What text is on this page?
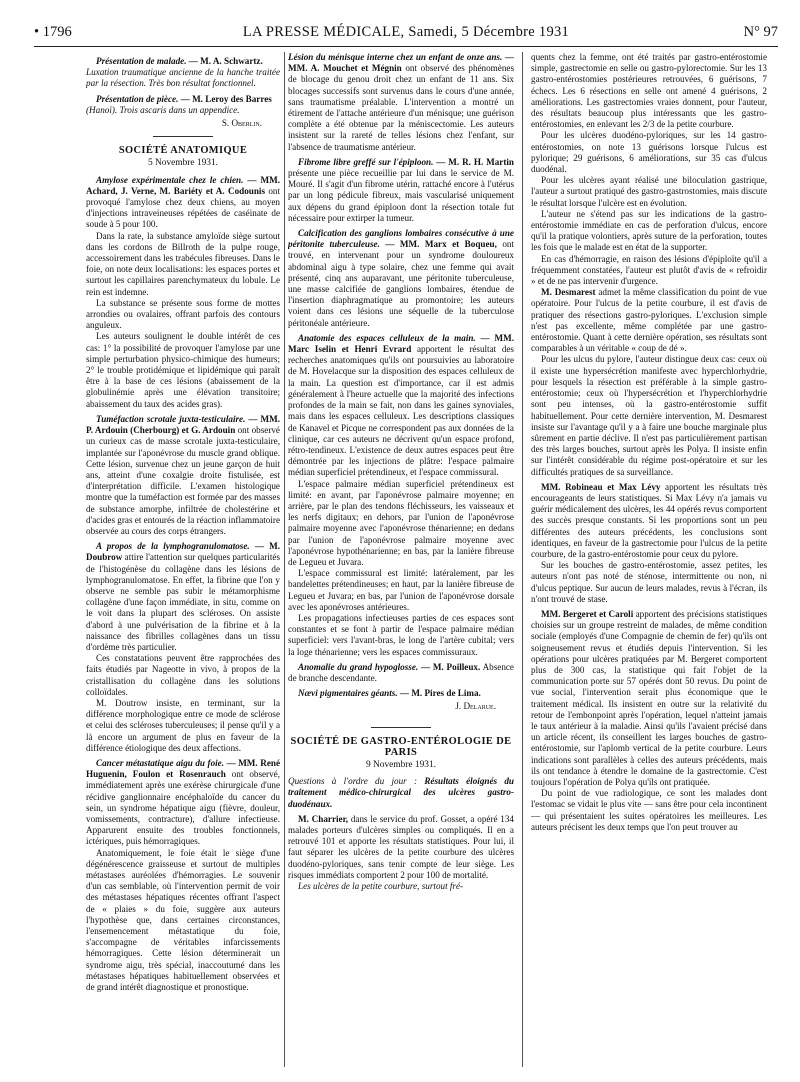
• 1796	LA PRESSE MÉDICALE, Samedi, 5 Décembre 1931	N° 97

Présentation de malade. — M. A. Schwartz.

Luxation traumatique ancienne de la hanche traitée par la résection. Très bon résultat fonctionnel.

Présentation de pièce. — M. Leroy des Barres

(Hanoï). Trois ascaris dans un appendice.

S. Oberlin.

SOCIÉTÉ ANATOMIQUE

5 Novembre 1931.

Amylose expérimentale chez le chien. — MM. Achard, J. Verne, M. Bariéty et A. Codounis ont provoqué l'amylose chez deux chiens, au moyen d'injections intraveineuses répétées de caséinate de soude à 5 pour 100.

Dans la rate, la substance amyloïde siège surtout dans les cordons de Billroth de la pulpe rouge, accessoirement dans les trabécules fibreuses. Dans le foie, on note deux localisations: les espaces portes et surtout les capillaires parenchymateux du lobule. Le rein est indemne.

La substance se présente sous forme de mottes arrondies ou ovalaires, offrant parfois des contours anguleux.

Les auteurs soulignent le double intérêt de ces cas: 1° la possibilité de provoquer l'amylose par une simple perturbation physico-chimique des humeurs; 2° le trouble protidémique et lipidémique qui paraît être à la base de ces lésions (abaissement de la globulinémie après une élévation transitoire; abaissement du taux des acides gras).

Tuméfaction scrotale juxta-testiculaire. — MM. P. Ardouin (Cherbourg) et G. Ardouin ont observé un curieux cas de masse scrotale juxta-testiculaire, implantée sur l'aponévrose du muscle grand oblique. Cette lésion, survenue chez un jeune garçon de huit ans, atteint d'une coxalgie droite fistulisée, est d'interprétation difficile. L'examen histologique montre que la tuméfaction est formée par des masses de substance amorphe, infiltrée de cholestérine et d'acides gras et entourés de la réaction inflammatoire observée au cours des corps étrangers.

A propos de la lymphogranulomatose. — M. Doubrow attire l'attention sur quelques particularités de l'histogénèse du collagène dans les lésions de lymphogranulomatose. En effet, la fibrine que l'on y observe ne semble pas subir le métamorphisme collagène d'une façon immédiate, in situ, comme on le voit dans la plupart des scléroses. On assiste d'abord à une pulvérisation de la fibrine et à la naissance des fibrilles collagènes dans un tissu d'ordème très particulier.

Ces constatations peuvent être rapprochées des faits étudiés par Nageotte in vivo, à propos de la cristallisation du collagène dans les solutions colloïdales.

M. Doutrow insiste, en terminant, sur la différence morphologique entre ce mode de sclérose et celui des scléroses tuberculeuses; il pense qu'il y a là encore un argument de plus en faveur de la différence étiologique des deux affections.

Cancer métastatique aigu du foie. — MM. René Huguenin, Foulon et Rosenrauch ont observé, immédiatement après une exérèse chirurgicale d'une récidive ganglionnaire encéphaloïde du cancer du sein, un syndrome hépatique aigu (fièvre, douleur, vomissements, contracture), d'allure infectieuse. Apparurent ensuite des troubles fonctionnels, ictériques, puis hémorragiques.

Anatomiquement, le foie était le siège d'une dégénérescence graisseuse et surtout de multiples métastases auréolées d'hémorragies. Le souvenir d'un cas semblable, où l'intervention permit de voir des métastases hépatiques récentes offrant l'aspect de « plaies » du foie, suggère aux auteurs l'hypothèse que, dans certaines circonstances, l'ensemencement métastatique du foie, s'accompagne de véritables infarcissements hémorragiques. Cette lésion déterminerait un syndrome aigu, très spécial, inaccoutumé dans les métastases hépatiques habituellement observées et de grand intérêt diagnostique et pronostique.

Lésion du ménisque interne chez un enfant de onze ans. — MM. A. Mouchet et Mégnin ont observé des phénomènes de blocage du genou droit chez un enfant de 11 ans. Six blocages successifs sont survenus dans le cours d'une année, sans traumatisme préalable. L'intervention a montré un étirement de l'attache antérieure d'un ménisque; une guérison complète a été obtenue par la méniscectomie. Les auteurs insistent sur la rareté de telles lésions chez l'enfant, sur l'absence de traumatisme antérieur.

Fibrome libre greffé sur l'épiploon. — M. R. H. Martin présente une pièce recueillie par lui dans le service de M. Mouré. Il s'agit d'un fibrome utérin, rattaché encore à l'utérus par un long pédicule fibreux, mais vascularisé uniquement aux dépens du grand épiploon dont la résection totale fut nécessaire pour extirper la tumeur.

Calcification des ganglions lombaires consécutive à une péritonite tuberculeuse. — MM. Marx et Boqueu, ont trouvé, en intervenant pour un syndrome douloureux abdominal aigu à type solaire, chez une femme qui avait présenté, cinq ans auparavant, une péritonite tuberculeuse, une masse calcifiée de ganglions lombaires, étendue de l'insertion diaphragmatique au promontoire; les auteurs voient dans ces lésions une séquelle de la tuberculose péritonéale antérieure.

Anatomie des espaces celluleux de la main. — MM. Marc Iselin et Henri Evrard apportent le résultat des recherches anatomiques qu'ils ont poursuivies au laboratoire de M. Hovelacque sur la disposition des espaces celluleux de la main. La question est d'importance, car il est admis généralement à l'heure actuelle que la majorité des infections profondes de la main se fait, non dans les gaines synoviales, mais dans les espaces celluleux. Les descriptions classiques de Kanavel et Picque ne correspondent pas aux données de la clinique, car ces auteurs ne décrivent qu'un espace profond, rétro-tendineux. L'existence de deux autres espaces peut être démontrée par les injections de plâtre: l'espace palmaire médian superficiel prétendineux, et l'espace commissural.

L'espace palmaire médian superficiel prétendineux est limité: en avant, par l'aponévrose palmaire moyenne; en arrière, par le plan des tendons fléchisseurs, les vaisseaux et les nerfs digitaux; en dehors, par l'union de l'aponévrose palmaire moyenne avec l'aponévrose thénarienne; en dedans par l'union de l'aponévrose palmaire moyenne avec l'aponévrose hypothénarienne; en bas, par la lanière fibreuse de Legueu et Juvara.

L'espace commissural est limité: latéralement, par les bandelettes prétendineuses; en haut, par la lanière fibreuse de Legueu et Juvara; en bas, par l'union de l'aponévrose dorsale avec les aponévroses antérieures.

Les propagations infectieuses parties de ces espaces sont constantes et se font à partir de l'espace palmaire médian superficiel: vers l'avant-bras, le long de l'artère cubital; vers la loge thénarienne; vers les espaces commissuraux.

Anomalie du grand hypoglosse. — M. Poilleux. Absence de branche descendante.

Nævi pigmentaires géants. — M. Pires de Lima.

J. Delarue.

SOCIÉTÉ DE GASTRO-ENTÉROLOGIE DE PARIS

9 Novembre 1931.

Questions à l'ordre du jour : Résultats éloignés du traitement médico-chirurgical des ulcères gastro-duodénaux.

M. Charrier, dans le service du prof. Gosset, a opéré 134 malades porteurs d'ulcères simples ou compliqués. Il en a retrouvé 101 et apporte les résultats statistiques. Pour lui, il faut séparer les ulcères de la petite courbure des ulcères duodéno-pyloriques, sans tenir compte de leur siège. Les risques immédiats comportent 2 pour 100 de mortalité.

Les ulcères de la petite courbure, surtout fré-

quents chez la femme, ont été traités par gastro-entérostomie simple, gastrectomie en selle ou gastro-pylorectomie. Sur les 13 gastro-entérostomies postérieures retrouvées, 6 guérisons, 7 échecs. Les 6 résections en selle ont amené 4 guérisons, 2 améliorations. Les gastrectomies vraies donnent, pour l'auteur, des résultats beaucoup plus intéressants que les gastro-entérostomies, en enlevant les 2/3 de la petite courbure.

Pour les ulcères duodéno-pyloriques, sur les 14 gastro-entérostomies, on note 13 guérisons lorsque l'ulcus est pylorique; 29 guérisons, 6 améliorations, sur 35 cas d'ulcus duodénal.

Pour les ulcères ayant réalisé une biloculation gastrique, l'auteur a surtout pratiqué des gastro-gastrostomies, mais discute le résultat lorsque l'ulcère est en évolution.

L'auteur ne s'étend pas sur les indications de la gastro-entérostomie immédiate en cas de perforation d'ulcus, encore qu'il la pratique volontiers, après suture de la perforation, toutes les fois que le malade est en état de la supporter.

En cas d'hémorragie, en raison des lésions d'épiploïte qu'il a fréquemment constatées, l'auteur est plutôt d'avis de « refroidir » et de ne pas intervenir d'urgence.

M. Desmarest admet la même classification du point de vue opératoire. Pour l'ulcus de la petite courbure, il est d'avis de pratiquer des résections gastro-pyloriques. L'exclusion simple n'est pas excellente, même complétée par une gastro-entérostomie. Quant à cette dernière opération, ses résultats sont comparables à un véritable « coup de dé ».

Pour les ulcus du pylore, l'auteur distingue deux cas: ceux où il existe une hypersécrétion manifeste avec hyperchlorhydrie, pour lesquels la résection est préférable à la simple gastro-entérostomie; ceux où l'hypersécrétion et l'hyperchlorhydrie sont peu intenses, où la gastro-entérostomie suffit habituellement. Pour cette dernière intervention, M. Desmarest insiste sur l'avantage qu'il y a à faire une bouche marginale plus sûrement en partie déclive. Il n'est pas particulièrement partisan des très larges bouches, surtout après les Polya. Il insiste enfin sur l'intérêt considérable du régime post-opératoire et sur les difficultés pratiques de sa surveillance.

MM. Robineau et Max Lévy apportent les résultats très encourageants de leurs statistiques. Si Max Lévy n'a jamais vu guérir médicalement des ulcères, les 44 opérés revus comportent des succès presque constants. Si les proportions sont un peu différentes des auteurs précédents, les conclusions sont identiques, en faveur de la gastrectomie pour l'ulcus de la petite courbure, de la gastro-entérostomie pour ceux du pylore.

Sur les bouches de gastro-entérostomie, assez petites, les auteurs n'ont pas noté de sténose, intermittente ou non, ni d'ulcus peptique. Sur aucun de leurs malades, revus à l'écran, ils n'ont trouvé de stase.

MM. Bergeret et Caroli apportent des précisions statistiques choisies sur un groupe restreint de malades, de même condition sociale (employés d'une Compagnie de chemin de fer) qu'ils ont soigneusement revus et étudiés depuis l'intervention. Si les opérations pour ulcères pratiquées par M. Bergeret comportent plus de 300 cas, la statistique qui fait l'objet de la communication porte sur 57 opérés dont 50 revus. Du point de vue social, l'intervention serait plus économique que le traitement médical. Ils insistent en outre sur la relativité du retour de l'embonpoint après l'opération, lequel n'atteint jamais le taux antérieur à la maladie. Ainsi qu'ils l'avaient précisé dans un article récent, ils conseillent les larges bouches de gastro-entérostomie, sur l'aplomb vertical de la petite courbure. Leurs indications sont parallèles à celles des auteurs précédents, mais ils ont tendance à étendre le domaine de la gastrectomie. C'est toujours l'opération de Polya qu'ils ont pratiquée.

Du point de vue radiologique, ce sont les malades dont l'estomac se vidait le plus vite — sans être pour cela incontinent — qui présentaient les suites opératoires les meilleures. Les auteurs précisent les deux temps que l'on peut trouver au
